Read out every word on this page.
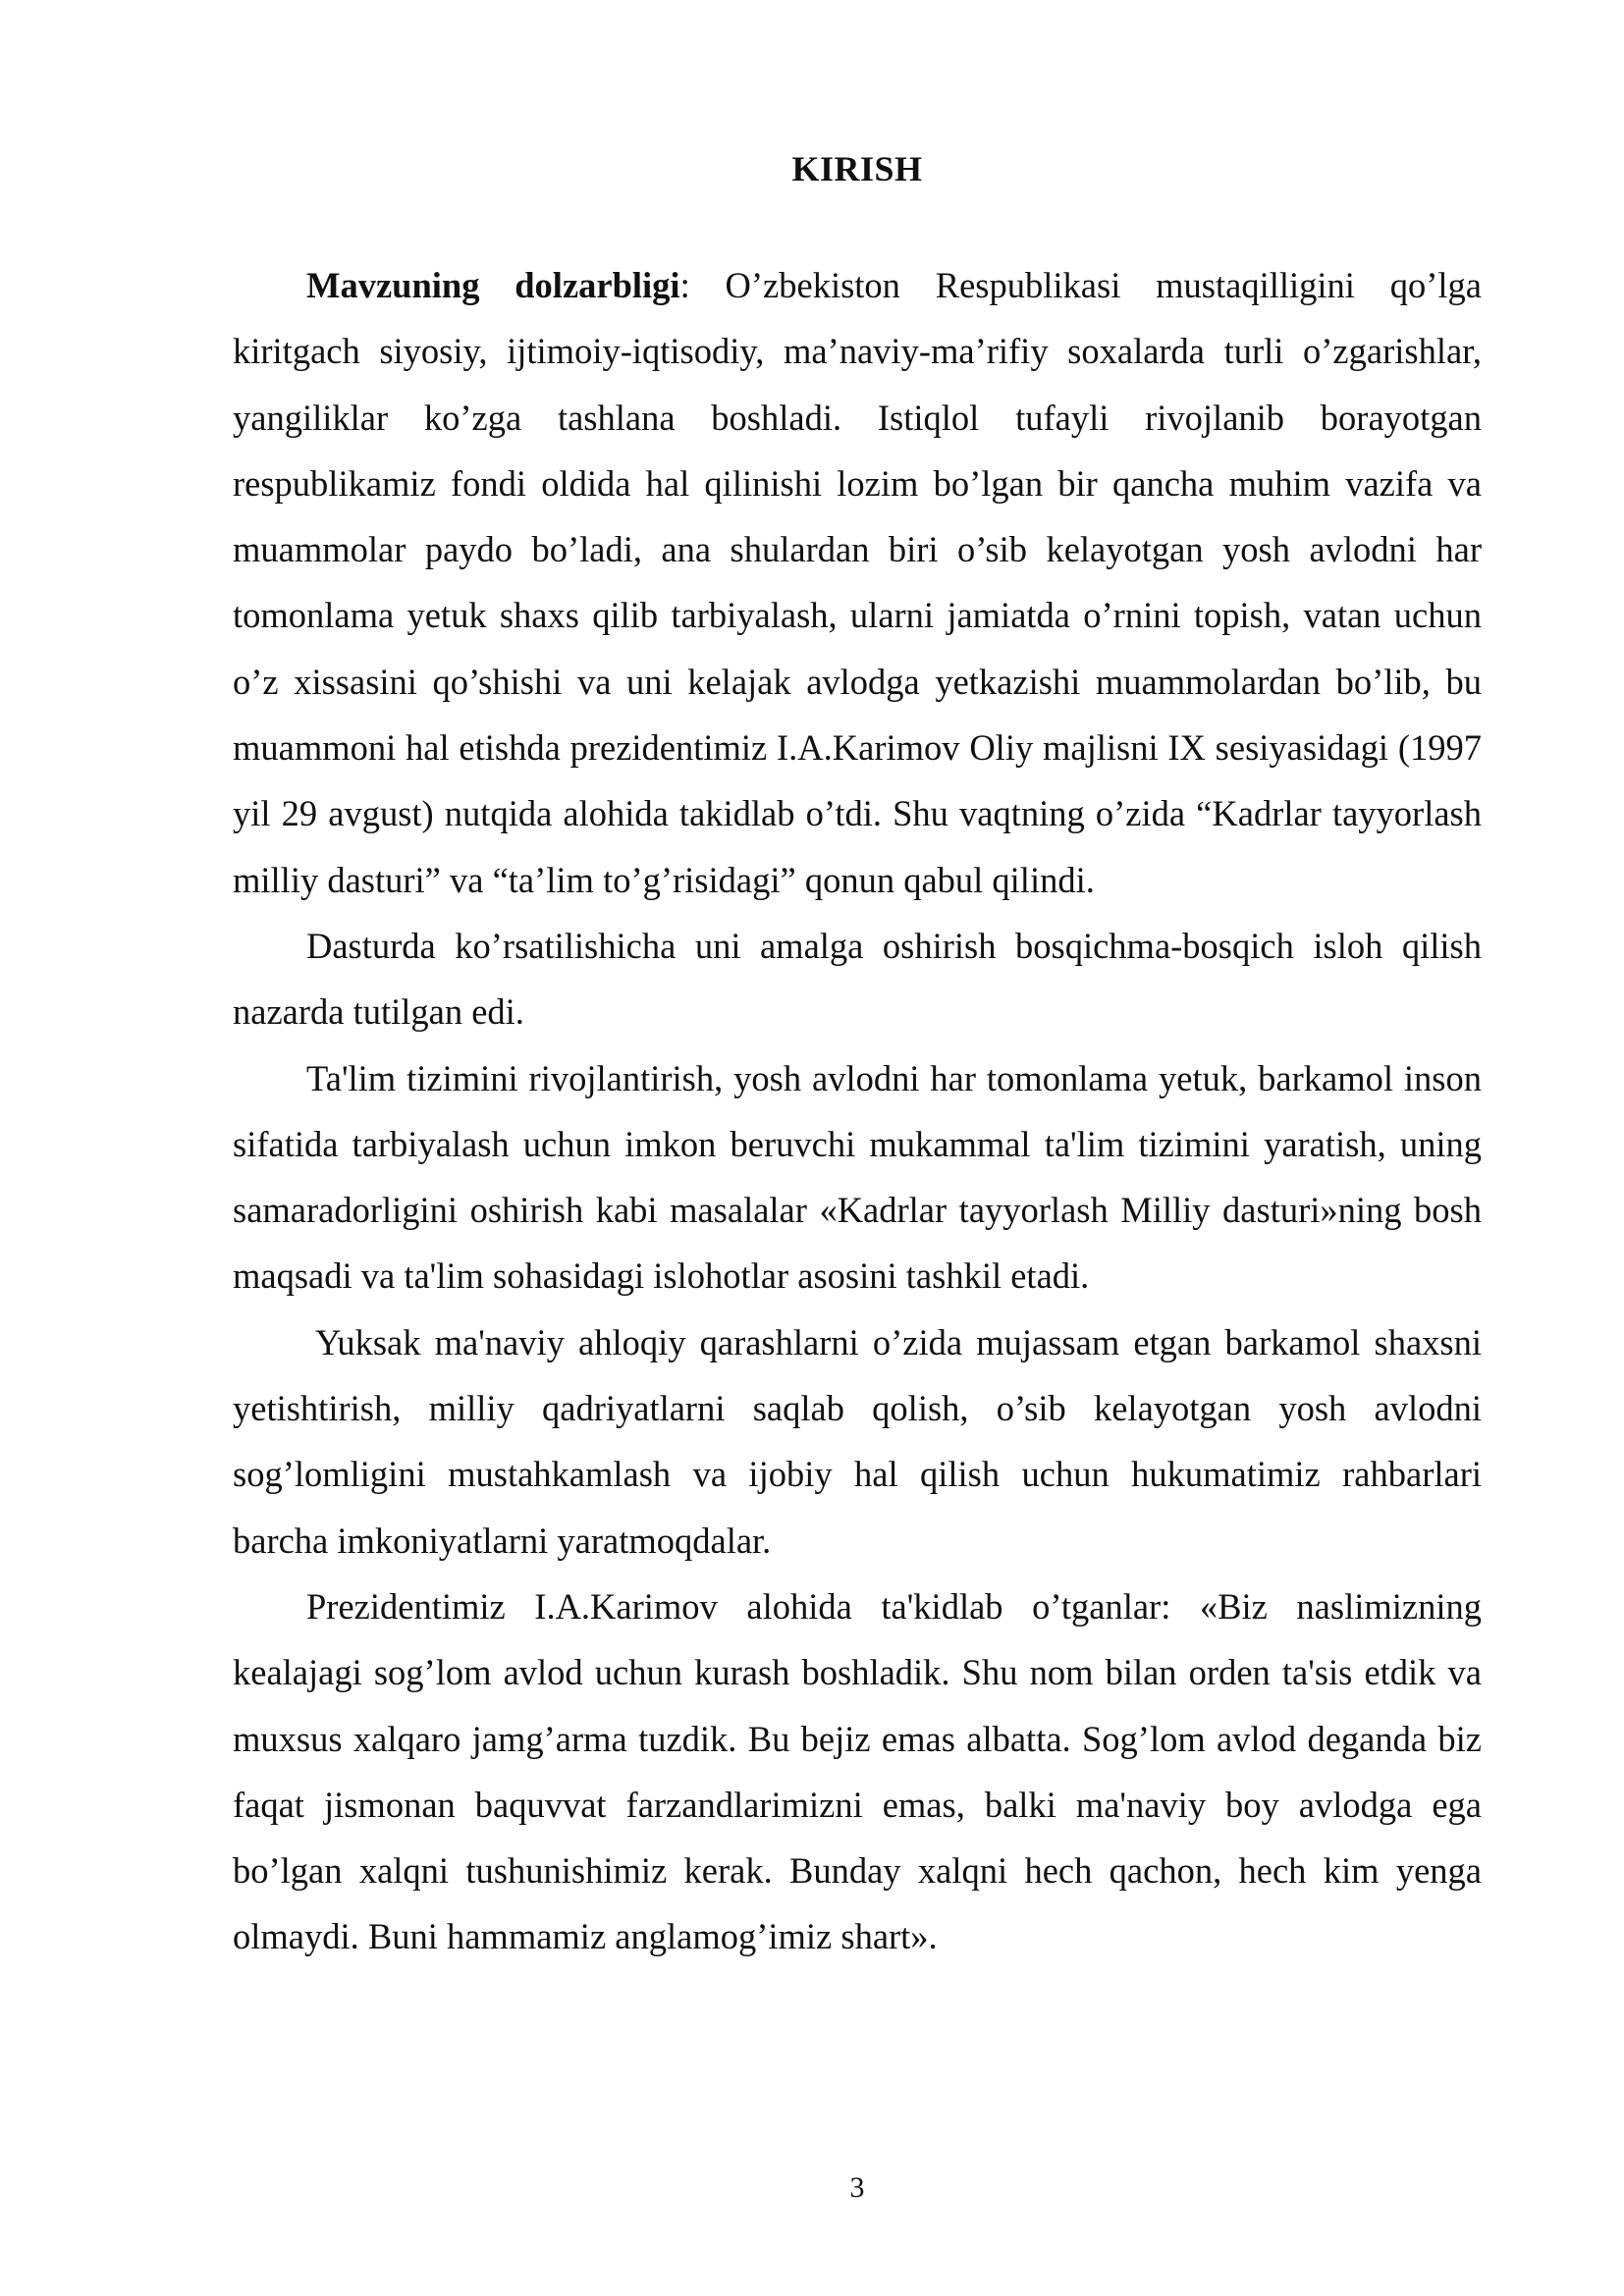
KIRISH

Mavzuning dolzarbligi: O’zbekiston Respublikasi mustaqilligini qo’lga kiritgach siyosiy, ijtimoiy-iqtisodiy, ma’naviy-ma’rifiy soxalarda turli o’zgarishlar, yangiliklar ko’zga tashlana boshladi. Istiqlol tufayli rivojlanib borayotgan respublikamiz fondi oldida hal qilinishi lozim bo’lgan bir qancha muhim vazifa va muammolar paydo bo’ladi, ana shulardan biri o’sib kelayotgan yosh avlodni har tomonlama yetuk shaxs qilib tarbiyalash, ularni jamiatda o’rnini topish, vatan uchun o’z xissasini qo’shishi va uni kelajak avlodga yetkazishi muammolardan bo’lib, bu muammoni hal etishda prezidentimiz I.A.Karimov Oliy majlisni IX sesiyasidagi (1997 yil 29 avgust) nutqida alohida takidlab o’tdi. Shu vaqtning o’zida “Kadrlar tayyorlash milliy dasturi” va “ta’lim to’g’risidagi” qonun qabul qilindi.

Dasturda ko’rsatilishicha uni amalga oshirish bosqichma-bosqich isloh qilish nazarda tutilgan edi.

Ta'lim tizimini rivojlantirish, yosh avlodni har tomonlama yetuk, barkamol inson sifatida tarbiyalash uchun imkon beruvchi mukammal ta'lim tizimini yaratish, uning samaradorligini oshirish kabi masalalar «Kadrlar tayyorlash Milliy dasturi»ning bosh maqsadi va ta'lim sohasidagi islohotlar asosini tashkil etadi.

Yuksak ma'naviy ahloqiy qarashlarni o’zida mujassam etgan barkamol shaxsni yetishtirish, milliy qadriyatlarni saqlab qolish, o’sib kelayotgan yosh avlodni sog’lomligini mustahkamlash va ijobiy hal qilish uchun hukumatimiz rahbarlari barcha imkoniyatlarni yaratmoqdalar.

Prezidentimiz I.A.Karimov alohida ta'kidlab o’tganlar: «Biz naslimizning kealajagi sog’lom avlod uchun kurash boshladik. Shu nom bilan orden ta'sis etdik va muxsus xalqaro jamg’arma tuzdik. Bu bejiz emas albatta. Sog’lom avlod deganda biz faqat jismonan baquvvat farzandlarimizni emas, balki ma'naviy boy avlodga ega bo’lgan xalqni tushunishimiz kerak. Bunday xalqni hech qachon, hech kim yenga olmaydi. Buni hammamiz anglamog’imiz shart».

3
